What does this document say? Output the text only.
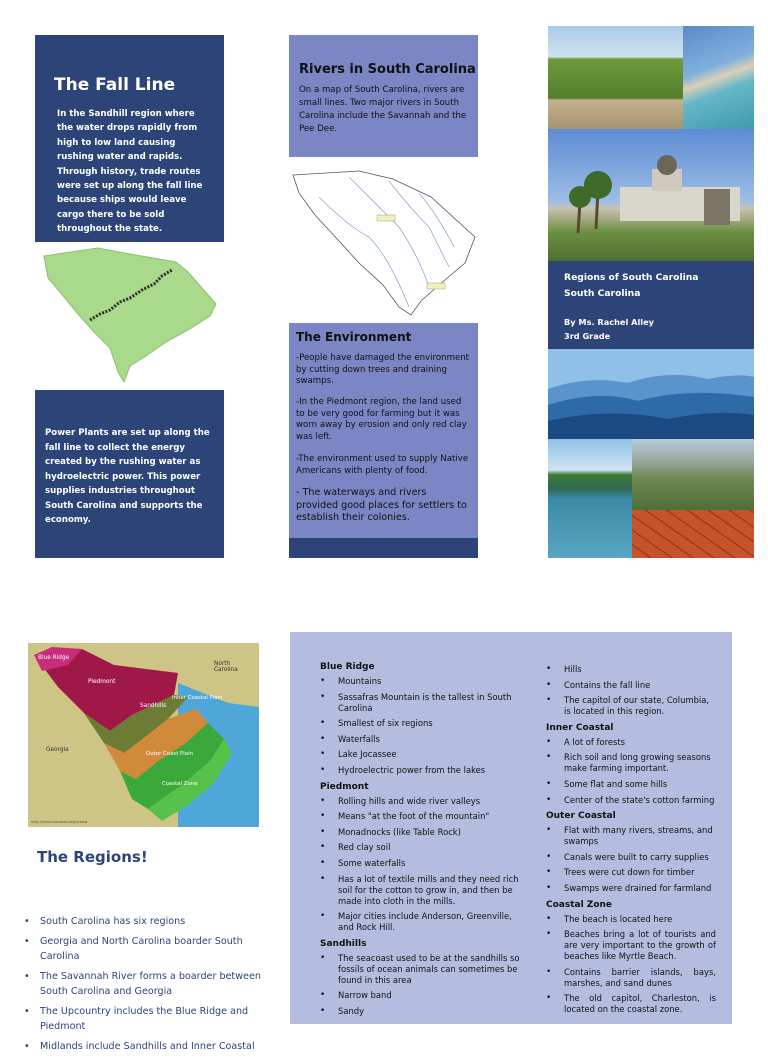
The Fall Line
In the Sandhill region where the water drops rapidly from high to low land causing rushing water and rapids. Through history, trade routes were set up along the fall line because ships would leave cargo there to be sold throughout the state.
Power Plants are set up along the fall line to collect the energy created by the rushing water as hydroelectric power. This power supplies industries throughout South Carolina and supports the economy.
Rivers in South Carolina
On a map of South Carolina, rivers are small lines. Two major rivers in South Carolina include the Savannah and the Pee Dee.
The Environment
-People have damaged the environment by cutting down trees and draining swamps.
-In the Piedmont region, the land used to be very good for farming but it was worn away by erosion and only red clay was left.
-The environment used to supply Native Americans with plenty of food.
- The waterways and rivers provided good places for settlers to establish their colonies.
Regions of South Carolina
South Carolina
By Ms. Rachel Alley
3rd Grade
Blue Ridge
North Carolina
Piedmont
Sandhills
Inner Coastal Plain
Georgia
Outer Coast Plain
Coastal Zone
http://www.knowitall.org/scnow
The Regions!
• South Carolina has six regions
• Georgia and North Carolina boarder South Carolina
• The Savannah River forms a boarder between South Carolina and Georgia
• The Upcountry includes the Blue Ridge and Piedmont
• Midlands include Sandhills and Inner Coastal
Blue Ridge
• Mountains
• Sassafras Mountain is the tallest in South Carolina
• Smallest of six regions
• Waterfalls
• Lake Jocassee
• Hydroelectric power from the lakes
Piedmont
• Rolling hills and wide river valleys
• Means "at the foot of the mountain"
• Monadnocks (like Table Rock)
• Red clay soil
• Some waterfalls
• Has a lot of textile mills and they need rich soil for the cotton to grow in, and then be made into cloth in the mills.
• Major cities include Anderson, Greenville, and Rock Hill.
Sandhills
• The seacoast used to be at the sandhills so fossils of ocean animals can sometimes be found in this area
• Narrow band
• Sandy
• Hills
• Contains the fall line
• The capitol of our state, Columbia, is located in this region.
Inner Coastal
• A lot of forests
• Rich soil and long growing seasons make farming important.
• Some flat and some hills
• Center of the state's cotton farming
Outer Coastal
• Flat with many rivers, streams, and swamps
• Canals were built to carry supplies
• Trees were cut down for timber
• Swamps were drained for farmland
Coastal Zone
• The beach is located here
• Beaches bring a lot of tourists and are very important to the growth of beaches like Myrtle Beach.
• Contains barrier islands, bays, marshes, and sand dunes
• The old capitol, Charleston, is located on the coastal zone.
